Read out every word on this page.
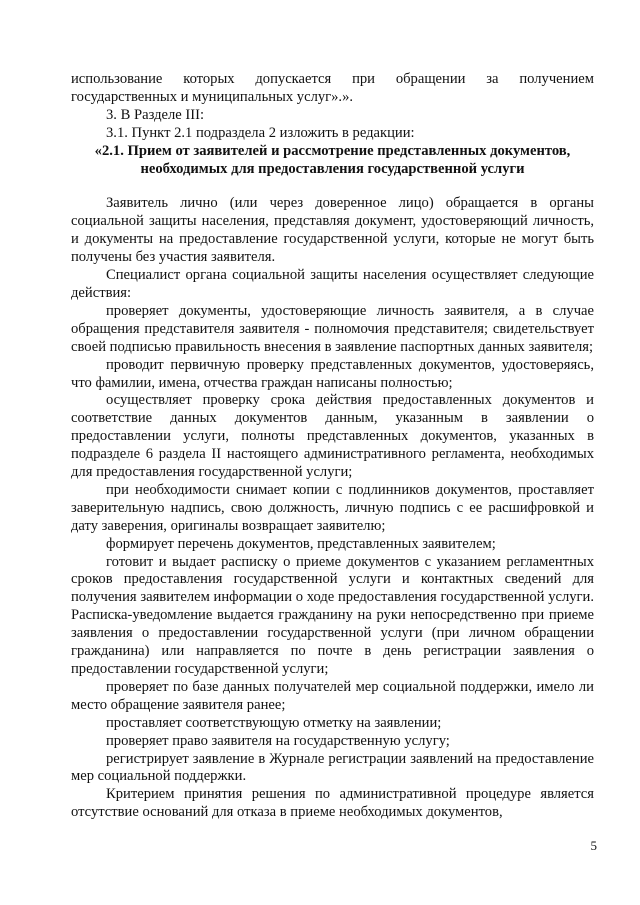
использование которых допускается при обращении за получением государственных и муниципальных услуг».».

3. В Разделе III:

3.1. Пункт 2.1 подраздела 2 изложить в редакции:

«2.1. Прием от заявителей и рассмотрение представленных документов,

необходимых для предоставления государственной услуги

Заявитель лично (или через доверенное лицо) обращается в органы социальной защиты населения, представляя документ, удостоверяющий личность, и документы на предоставление государственной услуги, которые не могут быть получены без участия заявителя.

Специалист органа социальной защиты населения осуществляет следующие действия:

проверяет документы, удостоверяющие личность заявителя, а в случае обращения представителя заявителя - полномочия представителя; свидетельствует своей подписью правильность внесения в заявление паспортных данных заявителя;

проводит первичную проверку представленных документов, удостоверяясь, что фамилии, имена, отчества граждан написаны полностью;

осуществляет проверку срока действия предоставленных документов и соответствие данных документов данным, указанным в заявлении о предоставлении услуги, полноты представленных документов, указанных в подразделе 6 раздела II настоящего административного регламента, необходимых для предоставления государственной услуги;

при необходимости снимает копии с подлинников документов, проставляет заверительную надпись, свою должность, личную подпись с ее расшифровкой и дату заверения, оригиналы возвращает заявителю;

формирует перечень документов, представленных заявителем;

готовит и выдает расписку о приеме документов с указанием регламентных сроков предоставления государственной услуги и контактных сведений для получения заявителем информации о ходе предоставления государственной услуги. Расписка-уведомление выдается гражданину на руки непосредственно при приеме заявления о предоставлении государственной услуги (при личном обращении гражданина) или направляется по почте в день регистрации заявления о предоставлении государственной услуги;

проверяет по базе данных получателей мер социальной поддержки, имело ли место обращение заявителя ранее;

проставляет соответствующую отметку на заявлении;

проверяет право заявителя на государственную услугу;

регистрирует заявление в Журнале регистрации заявлений на предоставление мер социальной поддержки.

Критерием принятия решения по административной процедуре является отсутствие оснований для отказа в приеме необходимых документов,

5
